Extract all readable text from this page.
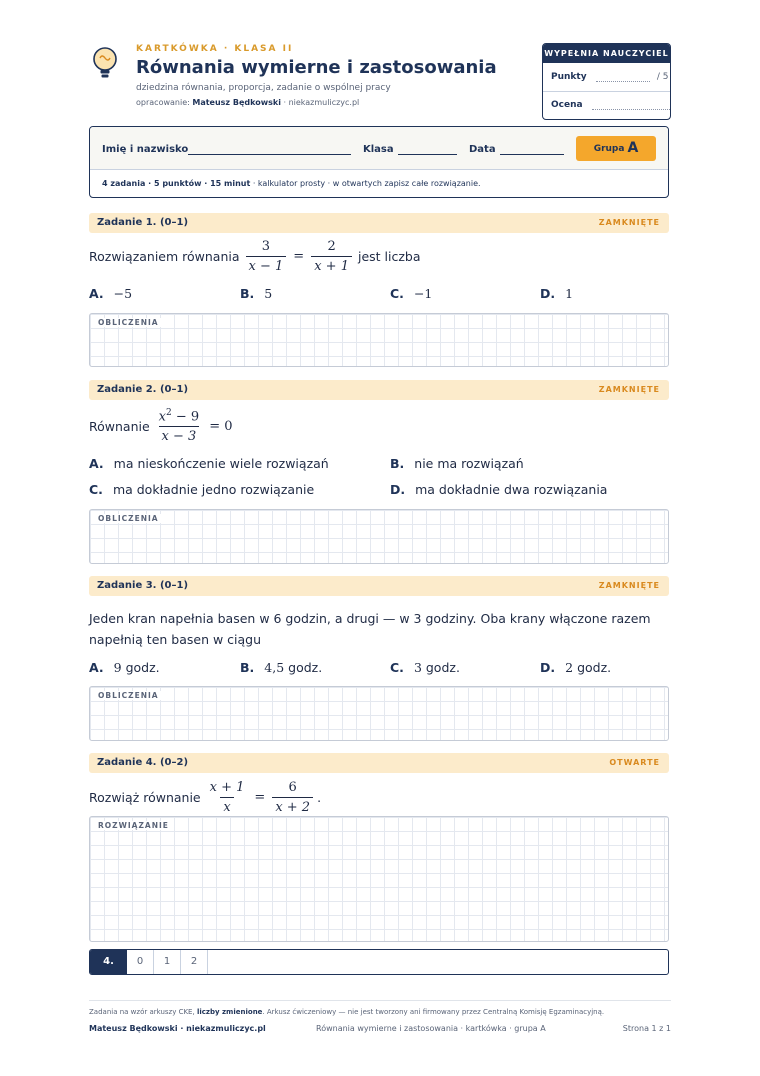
KARTKÓWKA · KLASA II
Równania wymierne i zastosowania
dziedzina równania, proporcja, zadanie o wspólnej pracy
opracowanie: Mateusz Będkowski · niekazmuliczyc.pl
WYPEŁNIA NAUCZYCIEL
Punkty	/ 5
Ocena
Imię i nazwisko	Klasa	Data	Grupa A
4 zadania · 5 punktów · 15 minut · kalkulator prosty · w otwartych zapisz całe rozwiązanie.
Zadanie 1. (0–1)	ZAMKNIĘTE
Rozwiązaniem równania $\frac{3}{x - 1} = \frac{2}{x + 1}$ jest liczba
A. −5	B. 5	C. −1	D. 1
OBLICZENIA
Zadanie 2. (0–1)	ZAMKNIĘTE
Równanie $\frac{x^2 - 9}{x - 3} = 0$
A. ma nieskończenie wiele rozwiązań	B. nie ma rozwiązań
C. ma dokładnie jedno rozwiązanie	D. ma dokładnie dwa rozwiązania
OBLICZENIA
Zadanie 3. (0–1)	ZAMKNIĘTE
Jeden kran napełnia basen w 6 godzin, a drugi — w 3 godziny. Oba krany włączone razem
napełnią ten basen w ciągu
A. 9 godz.	B. 4,5 godz.	C. 3 godz.	D. 2 godz.
OBLICZENIA
Zadanie 4. (0–2)	OTWARTE
Rozwiąż równanie $\frac{x + 1}{x} = \frac{6}{x + 2}$ .
ROZWIĄZANIE
4.	0	1	2
Zadania na wzór arkuszy CKE, liczby zmienione. Arkusz ćwiczeniowy — nie jest tworzony ani firmowany przez Centralną Komisję Egzaminacyjną.
Mateusz Będkowski · niekazmuliczyc.pl	Równania wymierne i zastosowania · kartkówka · grupa A	Strona 1 z 1
